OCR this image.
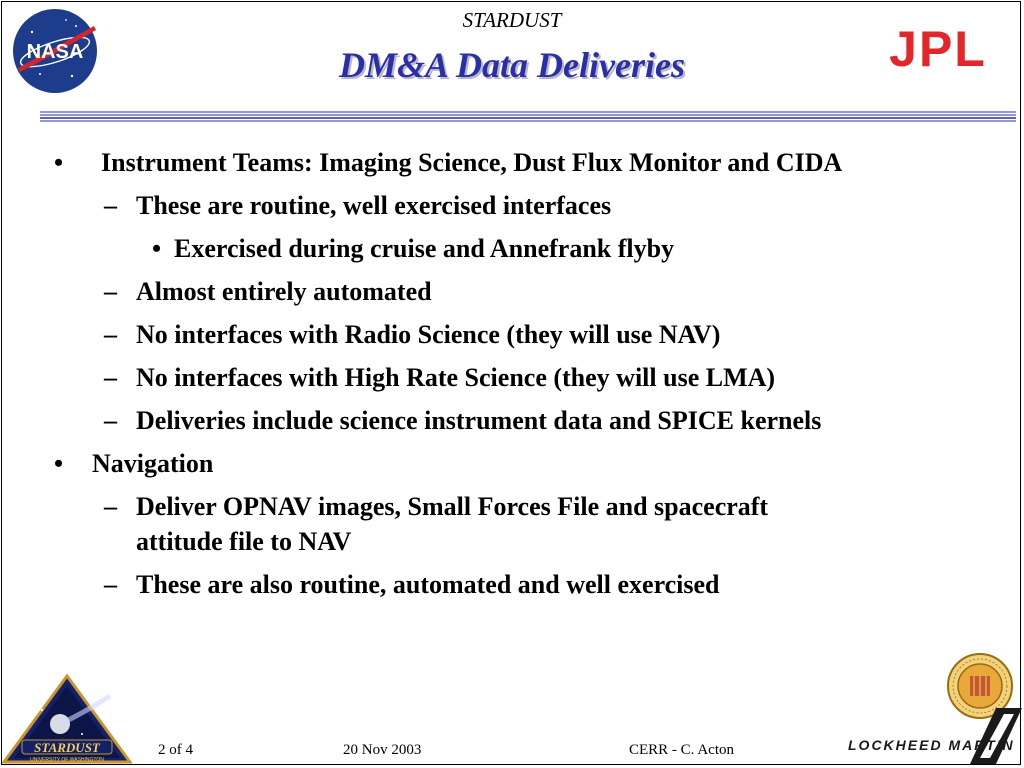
NASA
STARDUST
DM&A Data Deliveries	JPL
• Instrument Teams: Imaging Science, Dust Flux Monitor and CIDA
– These are routine, well exercised interfaces
• Exercised during cruise and Annefrank flyby
– Almost entirely automated
– No interfaces with Radio Science (they will use NAV)
– No interfaces with High Rate Science (they will use LMA)
– Deliveries include science instrument data and SPICE kernels
• Navigation
– Deliver OPNAV images, Small Forces File and spacecraft
attitude file to NAV
– These are also routine, automated and well exercised
STARDUST
UNIVERSITY OF WASHINGTON
2 of 4	20 Nov 2003	CERR - C. Acton	LOCKHEED MARTIN
